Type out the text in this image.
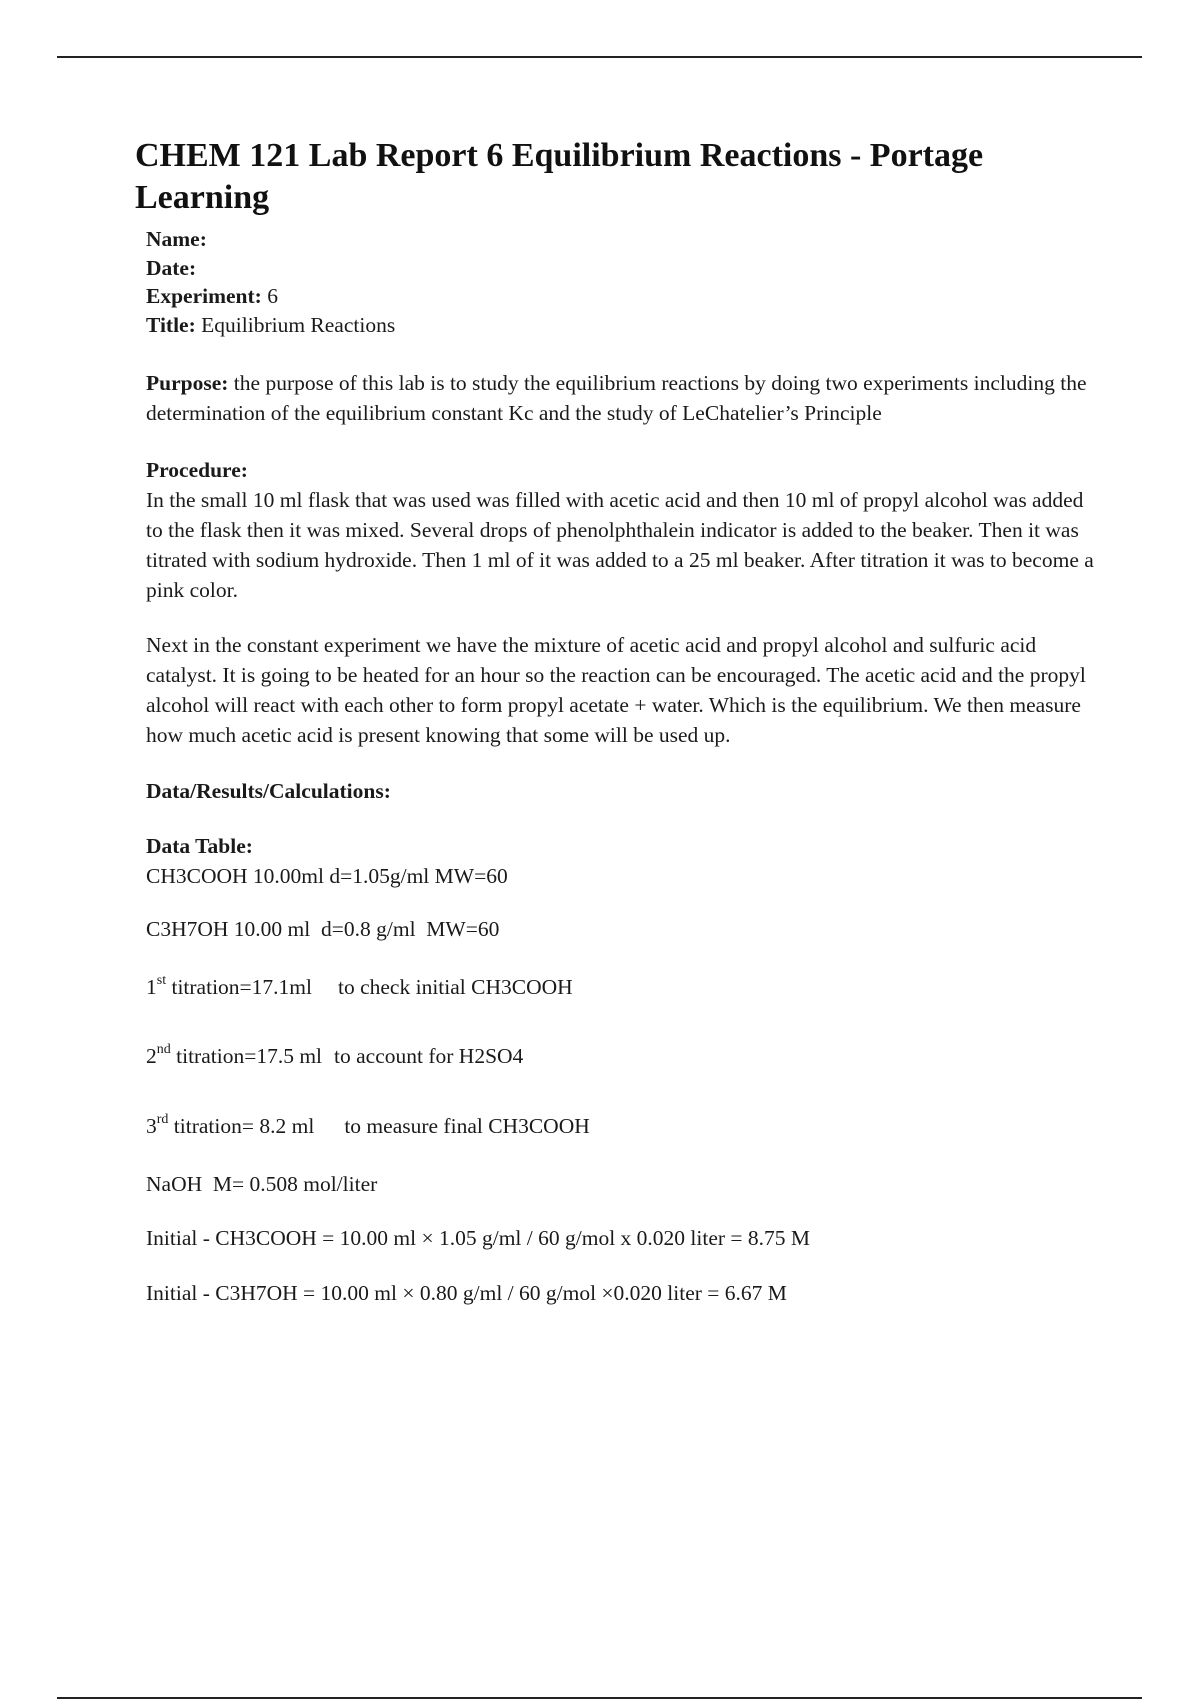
CHEM 121 Lab Report 6 Equilibrium Reactions - Portage Learning
Name:
Date:
Experiment: 6
Title: Equilibrium Reactions

Purpose: the purpose of this lab is to study the equilibrium reactions by doing two experiments including the determination of the equilibrium constant Kc and the study of LeChatelier’s Principle

Procedure:

In the small 10 ml flask that was used was filled with acetic acid and then 10 ml of propyl alcohol was added to the flask then it was mixed. Several drops of phenolphthalein indicator is added to the beaker. Then it was titrated with sodium hydroxide. Then 1 ml of it was added to a 25 ml beaker. After titration it was to become a pink color.

Next in the constant experiment we have the mixture of acetic acid and propyl alcohol and sulfuric acid catalyst. It is going to be heated for an hour so the reaction can be encouraged. The acetic acid and the propyl alcohol will react with each other to form propyl acetate + water. Which is the equilibrium. We then measure how much acetic acid is present knowing that some will be used up.

Data/Results/Calculations:
Data Table:
CH3COOH 10.00ml d=1.05g/ml MW=60
C3H7OH 10.00 ml  d=0.8 g/ml  MW=60
1st titration=17.1ml to check initial CH3COOH
2nd titration=17.5 ml to account for H2SO4
3rd titration= 8.2 ml to measure final CH3COOH
NaOH  M= 0.508 mol/liter
Initial - CH3COOH = 10.00 ml × 1.05 g/ml / 60 g/mol x 0.020 liter = 8.75 M
Initial - C3H7OH = 10.00 ml × 0.80 g/ml / 60 g/mol ×0.020 liter = 6.67 M
